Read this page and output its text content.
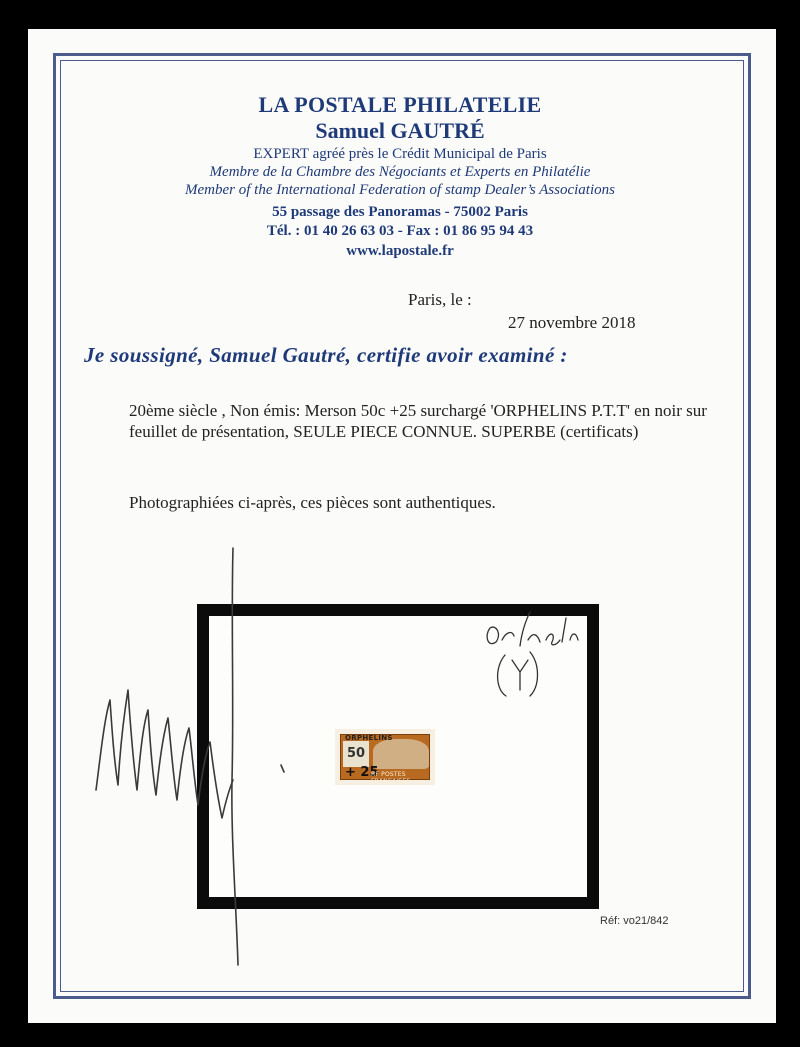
LA POSTALE PHILATELIE
Samuel GAUTRÉ
EXPERT agréé près le Crédit Municipal de Paris
Membre de la Chambre des Négociants et Experts en Philatélie
Member of the International Federation of stamp Dealer’s Associations
55 passage des Panoramas - 75002 Paris
Tél. : 01 40 26 63 03 - Fax : 01 86 95 94 43
www.lapostale.fr
Paris, le :
27 novembre 2018
Je soussigné, Samuel Gautré, certifie avoir examiné :
20ème siècle , Non émis: Merson 50c +25 surchargé 'ORPHELINS P.T.T' en noir sur feuillet de présentation, SEULE PIECE CONNUE. SUPERBE (certificats)
Photographiées ci-après, ces pièces sont authentiques.
50
ORPHELINS
+ 25
RF POSTES FRANÇAISES
Réf: vo21/842
